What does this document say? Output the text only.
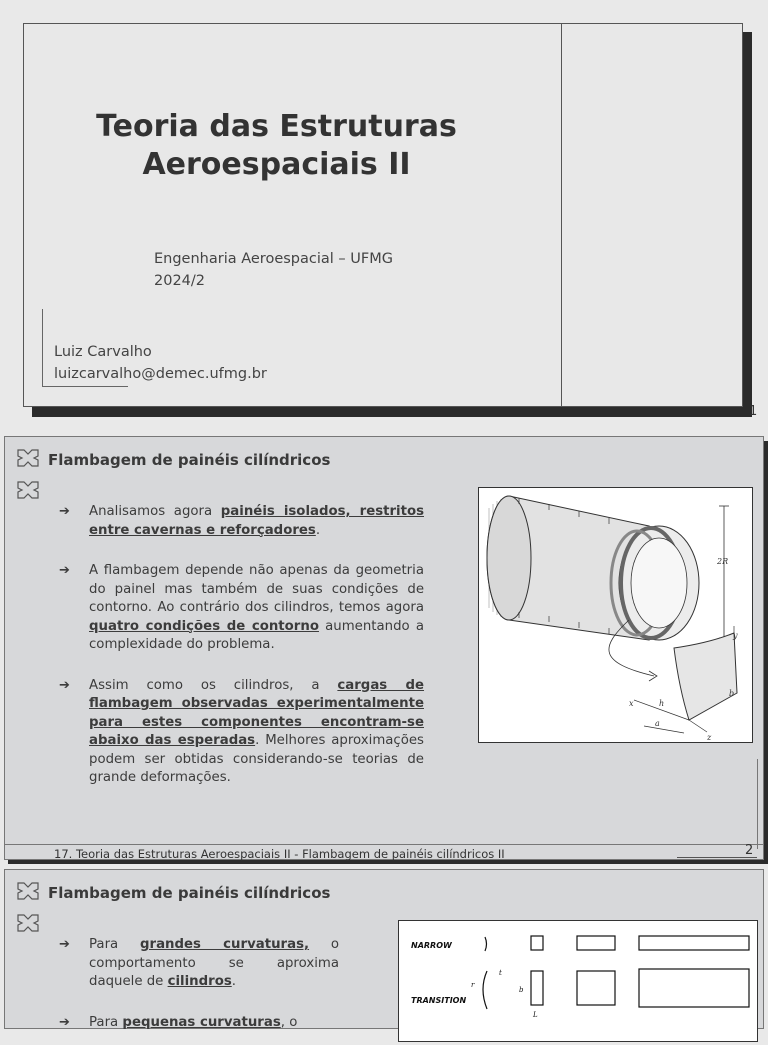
Teoria das Estruturas
Aeroespaciais II
Engenharia Aeroespacial – UFMG
2024/2
Luiz Carvalho
luizcarvalho@demec.ufmg.br
1
Flambagem de painéis cilíndricos
➔ Analisamos agora painéis isolados, restritos entre cavernas e reforçadores.
➔ A flambagem depende não apenas da geometria do painel mas também de suas condições de contorno. Ao contrário dos cilindros, temos agora quatro condições de contorno aumentando a complexidade do problema.
➔ Assim como os cilindros, a cargas de flambagem observadas experimentalmente para estes componentes encontram-se abaixo das esperadas. Melhores aproximações podem ser obtidas considerando-se teorias de grande deformações.
2R
y
x	h
a
b
z
17. Teoria das Estruturas Aeroespaciais II - Flambagem de painéis cilíndricos II	2
Flambagem de painéis cilíndricos
➔ Para grandes curvaturas, o comportamento se aproxima daquele de cilindros.
➔ Para pequenas curvaturas, o
NARROW
TRANSITION
t
r
b
L
